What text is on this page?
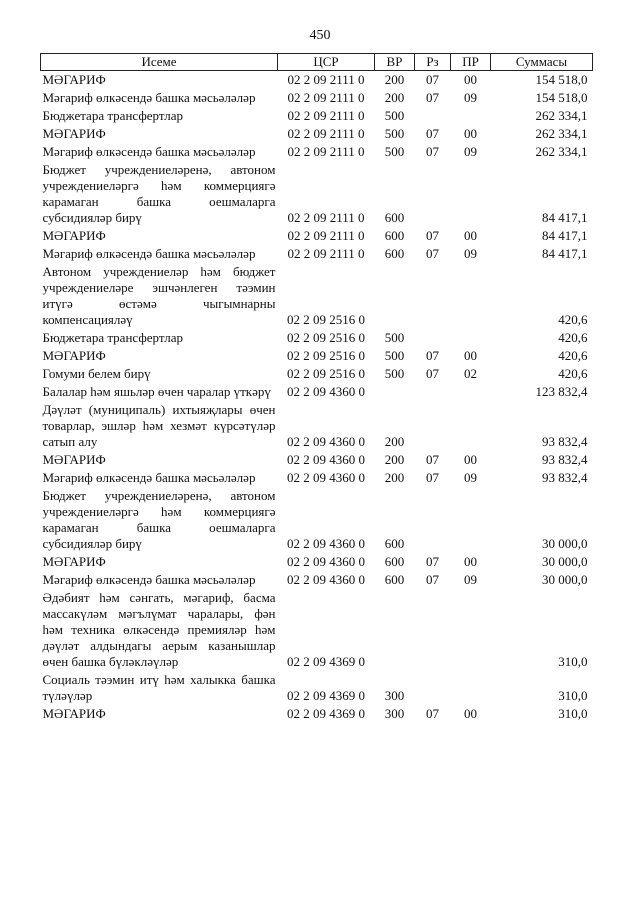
450
Исеме	ЦСР	ВР	Рз	ПР	Суммасы
МӘГАРИФ	02 2 09 2111 0	200	07	00	154 518,0
Мәгариф өлкәсендә башка мәсьәләләр	02 2 09 2111 0	200	07	09	154 518,0
Бюджетара трансфертлар	02 2 09 2111 0	500			262 334,1
МӘГАРИФ	02 2 09 2111 0	500	07	00	262 334,1
Мәгариф өлкәсендә башка мәсьәләләр	02 2 09 2111 0	500	07	09	262 334,1
Бюджет учреждениеләренә, автоном учреждениеләргә һәм коммерциягә карамаган башка оешмаларга субсидияләр бирү	02 2 09 2111 0	600			84 417,1
МӘГАРИФ	02 2 09 2111 0	600	07	00	84 417,1
Мәгариф өлкәсендә башка мәсьәләләр	02 2 09 2111 0	600	07	09	84 417,1
Автоном учреждениеләр һәм бюджет учреждениеләре эшчәнлеген тәэмин итүгә өстәмә чыгымнарны компенсацияләү	02 2 09 2516 0				420,6
Бюджетара трансфертлар	02 2 09 2516 0	500			420,6
МӘГАРИФ	02 2 09 2516 0	500	07	00	420,6
Гомуми белем бирү	02 2 09 2516 0	500	07	02	420,6
Балалар һәм яшьләр өчен чаралар үткәрү	02 2 09 4360 0				123 832,4
Дәүләт (муниципаль) ихтыяҗлары өчен товарлар, эшләр һәм хезмәт күрсәтүләр сатып алу	02 2 09 4360 0	200			93 832,4
МӘГАРИФ	02 2 09 4360 0	200	07	00	93 832,4
Мәгариф өлкәсендә башка мәсьәләләр	02 2 09 4360 0	200	07	09	93 832,4
Бюджет учреждениеләренә, автоном учреждениеләргә һәм коммерциягә карамаган башка оешмаларга субсидияләр бирү	02 2 09 4360 0	600			30 000,0
МӘГАРИФ	02 2 09 4360 0	600	07	00	30 000,0
Мәгариф өлкәсендә башка мәсьәләләр	02 2 09 4360 0	600	07	09	30 000,0
Әдәбият һәм сәнгать, мәгариф, басма массакүләм мәгълүмат чаралары, фән һәм техника өлкәсендә премияләр һәм дәүләт алдындагы аерым казанышлар өчен башка бүләкләүләр	02 2 09 4369 0				310,0
Социаль тәэмин итү һәм халыкка башка түләүләр	02 2 09 4369 0	300			310,0
МӘГАРИФ	02 2 09 4369 0	300	07	00	310,0
